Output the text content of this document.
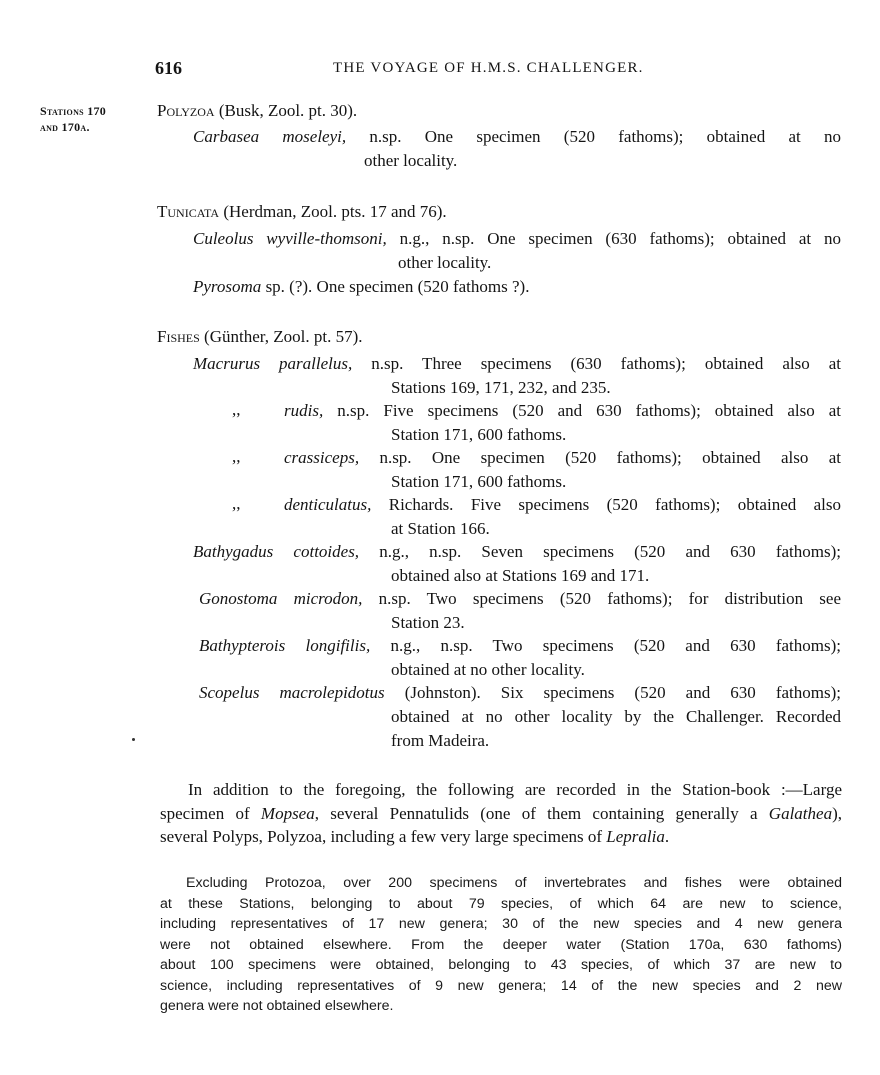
616	THE VOYAGE OF H.M.S. CHALLENGER.
Stations 170
and 170a.
Polyzoa (Busk, Zool. pt. 30).
Carbasea moseleyi, n.sp. One specimen (520 fathoms); obtained at no
other locality.
Tunicata (Herdman, Zool. pts. 17 and 76).
Culeolus wyville-thomsoni, n.g., n.sp. One specimen (630 fathoms); obtained at no
other locality.
Pyrosoma sp. (?). One specimen (520 fathoms ?).
Fishes (Günther, Zool. pt. 57).
Macrurus parallelus, n.sp. Three specimens (630 fathoms); obtained also at
Stations 169, 171, 232, and 235.
,,	rudis, n.sp. Five specimens (520 and 630 fathoms); obtained also at
Station 171, 600 fathoms.
,,	crassiceps, n.sp. One specimen (520 fathoms); obtained also at
Station 171, 600 fathoms.
,,	denticulatus, Richards. Five specimens (520 fathoms); obtained also
at Station 166.
Bathygadus cottoides, n.g., n.sp. Seven specimens (520 and 630 fathoms);
obtained also at Stations 169 and 171.
Gonostoma microdon, n.sp. Two specimens (520 fathoms); for distribution see
Station 23.
Bathypterois longifilis, n.g., n.sp. Two specimens (520 and 630 fathoms);
obtained at no other locality.
Scopelus macrolepidotus (Johnston). Six specimens (520 and 630 fathoms);
obtained at no other locality by the Challenger. Recorded
from Madeira.
In addition to the foregoing, the following are recorded in the Station-book :—Large
specimen of Mopsea, several Pennatulids (one of them containing generally a Galathea),
several Polyps, Polyzoa, including a few very large specimens of Lepralia.
Excluding Protozoa, over 200 specimens of invertebrates and fishes were obtained
at these Stations, belonging to about 79 species, of which 64 are new to science,
including representatives of 17 new genera; 30 of the new species and 4 new genera
were not obtained elsewhere. From the deeper water (Station 170a, 630 fathoms)
about 100 specimens were obtained, belonging to 43 species, of which 37 are new to
science, including representatives of 9 new genera; 14 of the new species and 2 new
genera were not obtained elsewhere.
